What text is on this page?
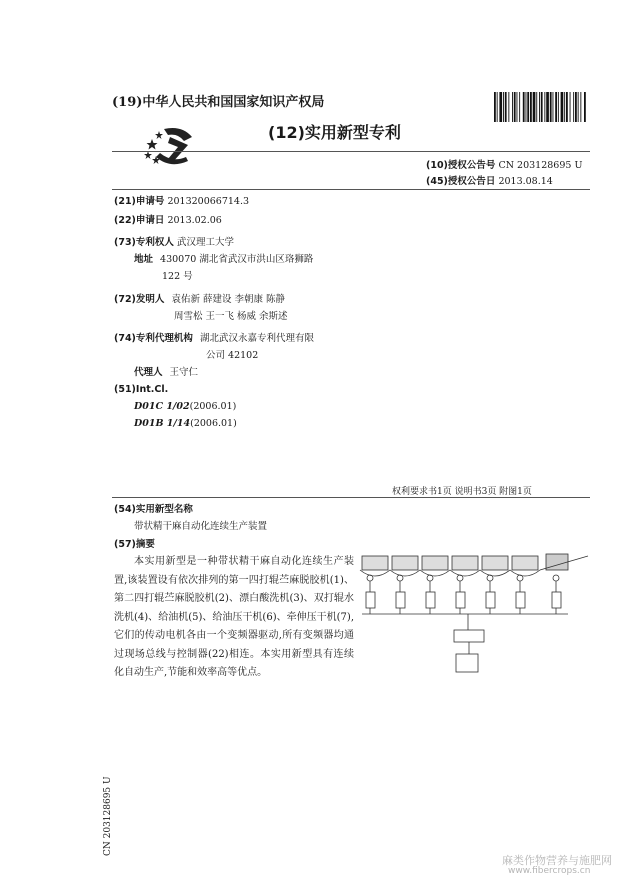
(19)中华人民共和国国家知识产权局
(12)实用新型专利
(10)授权公告号 CN 203128695 U
(45)授权公告日 2013.08.14
(21)申请号 201320066714.3
(22)申请日 2013.02.06
(73)专利权人 武汉理工大学
地址 430070 湖北省武汉市洪山区珞狮路
122 号
(72)发明人 袁佑新 薛建设 李朝康 陈静
周雪松 王一飞 杨威 余斯述
(74)专利代理机构 湖北武汉永嘉专利代理有限
公司 42102
代理人 王守仁
(51)Int.Cl.
D01C 1/02(2006.01)
D01B 1/14(2006.01)
权利要求书1页 说明书3页 附图1页
(54)实用新型名称
带状精干麻自动化连续生产装置
(57)摘要
本实用新型是一种带状精干麻自动化连续生产装置,该装置设有依次排列的第一四打辊苎麻脱胶机(1)、第二四打辊苎麻脱胶机(2)、漂白酸洗机(3)、双打辊水洗机(4)、给油机(5)、给油压干机(6)、牵伸压干机(7),它们的传动电机各由一个变频器驱动,所有变频器均通过现场总线与控制器(22)相连。本实用新型具有连续化自动生产,节能和效率高等优点。
CN 203128695 U
麻类作物营养与施肥网
www.fibercrops.cn
